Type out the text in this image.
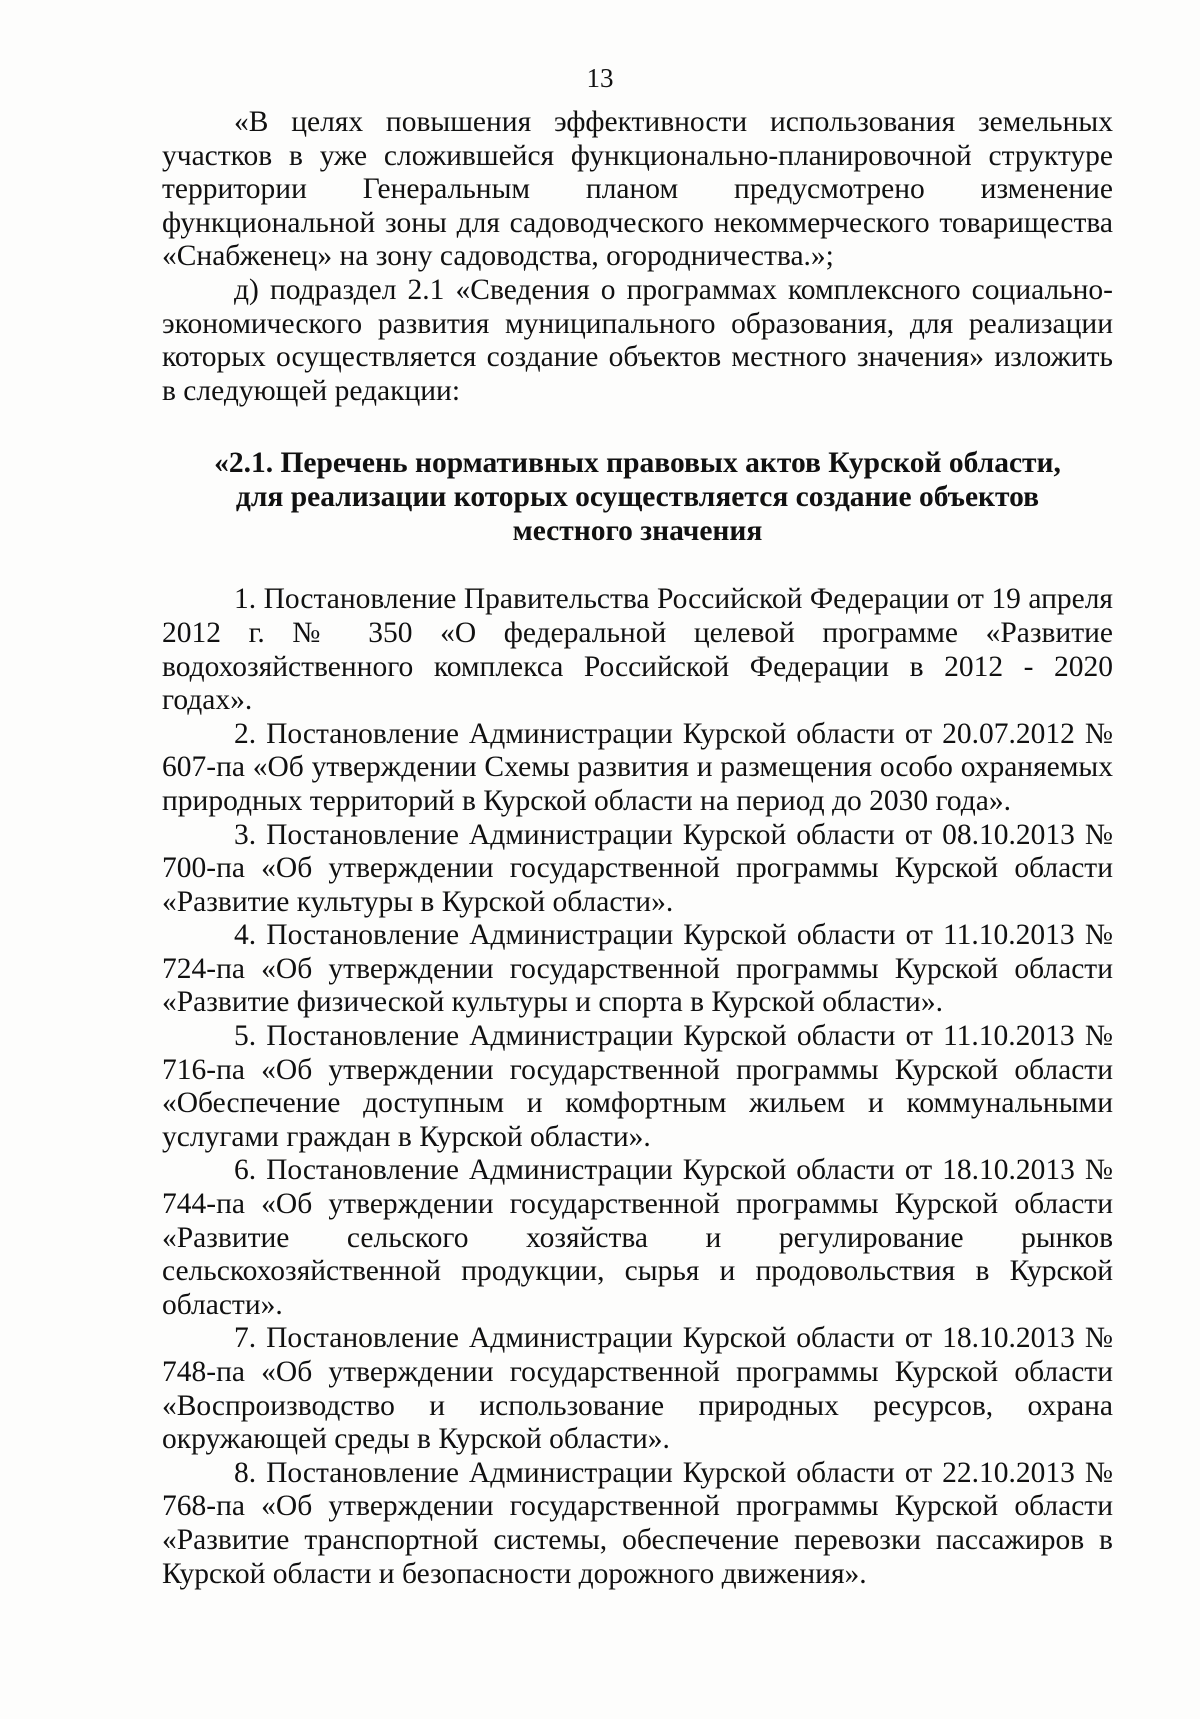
13

«В целях повышения эффективности использования земельных участков в уже сложившейся функционально-планировочной структуре территории Генеральным планом предусмотрено изменение функциональной зоны для садоводческого некоммерческого товарищества «Снабженец» на зону садоводства, огородничества.»;

д) подраздел 2.1 «Сведения о программах комплексного социально-экономического развития муниципального образования, для реализации которых осуществляется создание объектов местного значения» изложить в следующей редакции:

«2.1. Перечень нормативных правовых актов Курской области,
для реализации которых осуществляется создание объектов
местного значения

1. Постановление Правительства Российской Федерации от 19 апреля 2012 г. № 350 «О федеральной целевой программе «Развитие водохозяйственного комплекса Российской Федерации в 2012 - 2020 годах».

2. Постановление Администрации Курской области от 20.07.2012 № 607-па «Об утверждении Схемы развития и размещения особо охраняемых природных территорий в Курской области на период до 2030 года».

3. Постановление Администрации Курской области от 08.10.2013 № 700-па «Об утверждении государственной программы Курской области «Развитие культуры в Курской области».

4. Постановление Администрации Курской области от 11.10.2013 № 724-па «Об утверждении государственной программы Курской области «Развитие физической культуры и спорта в Курской области».

5. Постановление Администрации Курской области от 11.10.2013 № 716-па «Об утверждении государственной программы Курской области «Обеспечение доступным и комфортным жильем и коммунальными услугами граждан в Курской области».

6. Постановление Администрации Курской области от 18.10.2013 № 744-па «Об утверждении государственной программы Курской области «Развитие сельского хозяйства и регулирование рынков сельскохозяйственной продукции, сырья и продовольствия в Курской области».

7. Постановление Администрации Курской области от 18.10.2013 № 748-па «Об утверждении государственной программы Курской области «Воспроизводство и использование природных ресурсов, охрана окружающей среды в Курской области».

8. Постановление Администрации Курской области от 22.10.2013 № 768-па «Об утверждении государственной программы Курской области «Развитие транспортной системы, обеспечение перевозки пассажиров в Курской области и безопасности дорожного движения».
